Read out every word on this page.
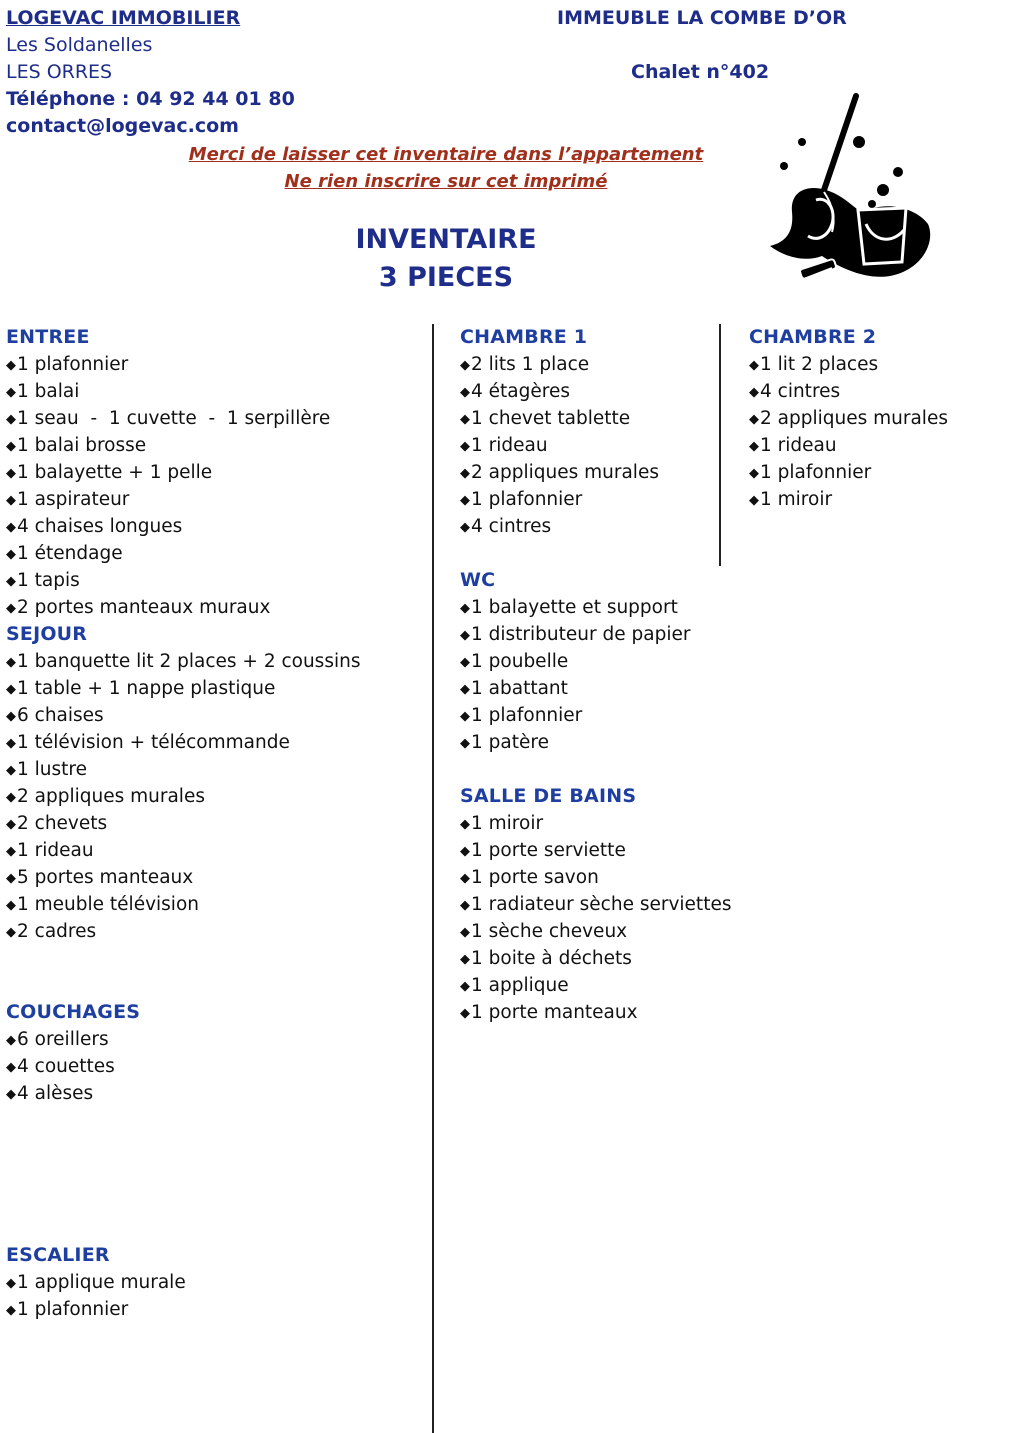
LOGEVAC IMMOBILIER
Les Soldanelles
LES ORRES
Téléphone : 04 92 44 01 80
contact@logevac.com
IMMEUBLE LA COMBE D’OR
Chalet n°402
Merci de laisser cet inventaire dans l’appartement
Ne rien inscrire sur cet imprimé
INVENTAIRE
3 PIECES
ENTREE
◆1 plafonnier
◆1 balai
◆1 seau  -  1 cuvette  -  1 serpillère
◆1 balai brosse
◆1 balayette + 1 pelle
◆1 aspirateur
◆4 chaises longues
◆1 étendage
◆1 tapis
◆2 portes manteaux muraux
SEJOUR
◆1 banquette lit 2 places + 2 coussins
◆1 table + 1 nappe plastique
◆6 chaises
◆1 télévision + télécommande
◆1 lustre
◆2 appliques murales
◆2 chevets
◆1 rideau
◆5 portes manteaux
◆1 meuble télévision
◆2 cadres
COUCHAGES
◆6 oreillers
◆4 couettes
◆4 alèses
ESCALIER
◆1 applique murale
◆1 plafonnier
CHAMBRE 1
◆2 lits 1 place
◆4 étagères
◆1 chevet tablette
◆1 rideau
◆2 appliques murales
◆1 plafonnier
◆4 cintres
WC
◆1 balayette et support
◆1 distributeur de papier
◆1 poubelle
◆1 abattant
◆1 plafonnier
◆1 patère
SALLE DE BAINS
◆1 miroir
◆1 porte serviette
◆1 porte savon
◆1 radiateur sèche serviettes
◆1 sèche cheveux
◆1 boite à déchets
◆1 applique
◆1 porte manteaux
CHAMBRE 2
◆1 lit 2 places
◆4 cintres
◆2 appliques murales
◆1 rideau
◆1 plafonnier
◆1 miroir
